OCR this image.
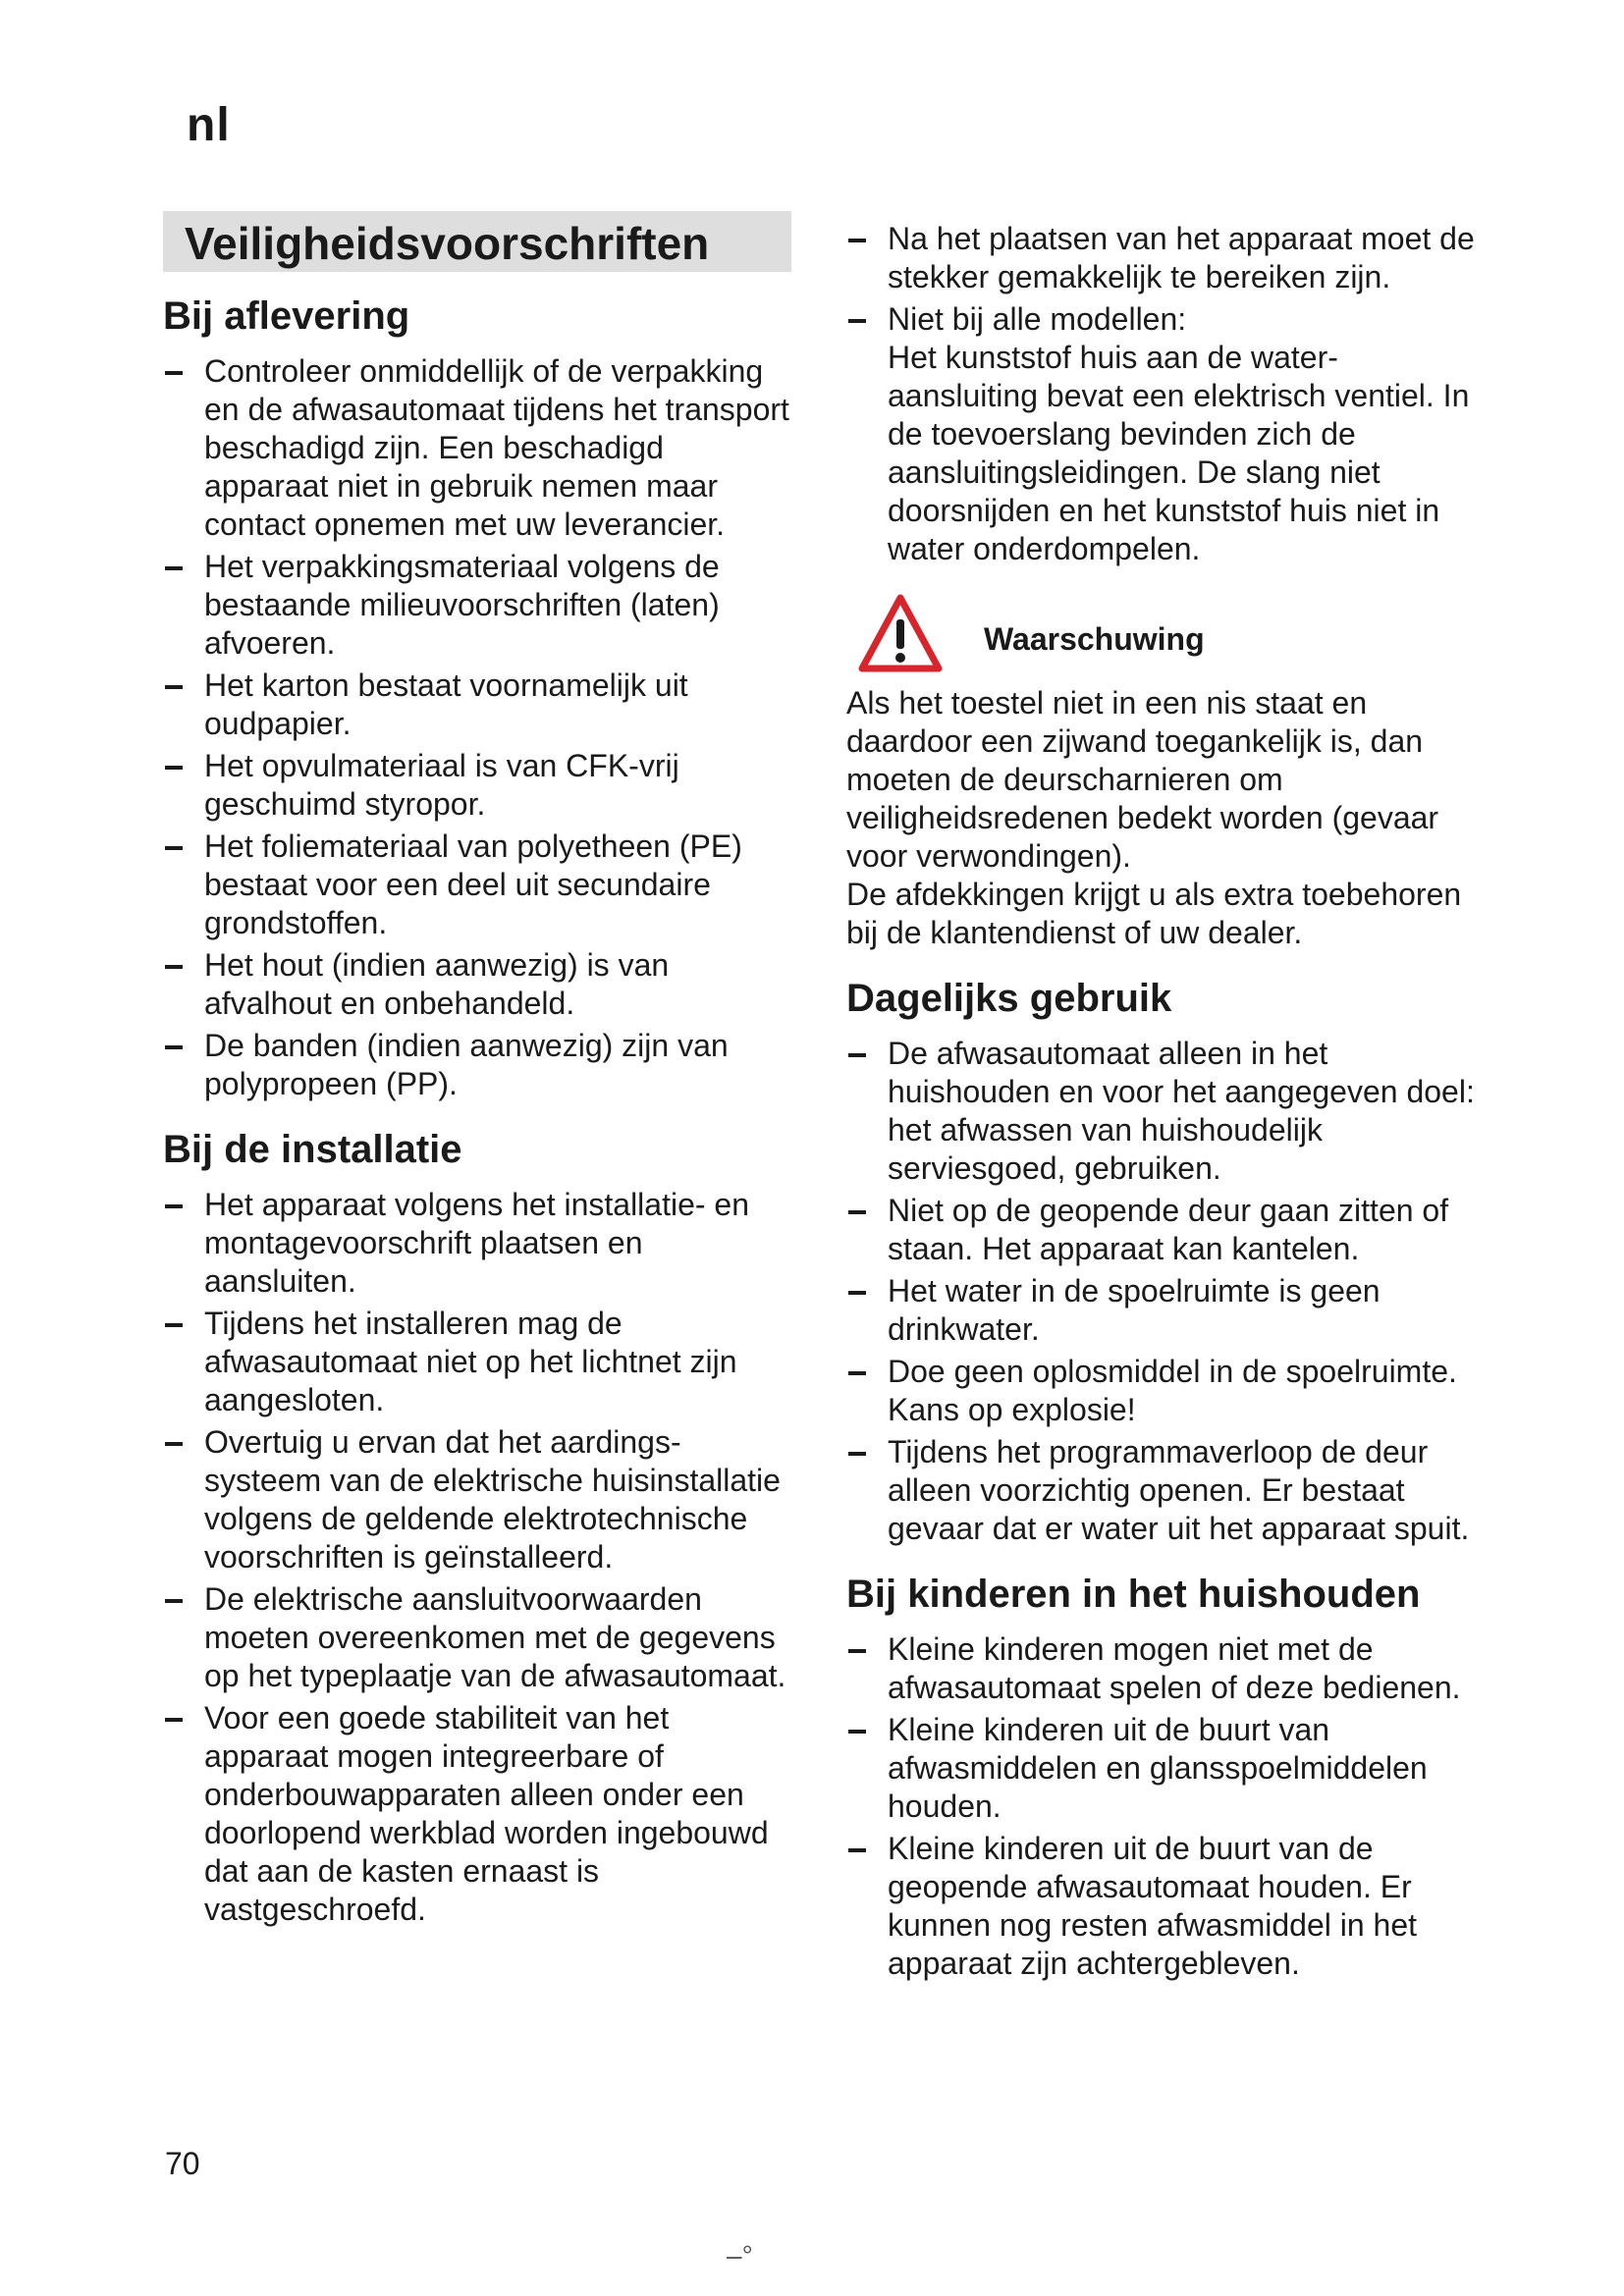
nl
Veiligheidsvoorschriften
Bij aflevering
Controleer onmiddellijk of de verpakking en de afwasautomaat tijdens het transport beschadigd zijn. Een beschadigd apparaat niet in gebruik nemen maar contact opnemen met uw leverancier.
Het verpakkingsmateriaal volgens de bestaande milieuvoorschriften (laten) afvoeren.
Het karton bestaat voornamelijk uit oudpapier.
Het opvulmateriaal is van CFK-vrij geschuimd styropor.
Het foliemateriaal van polyetheen (PE) bestaat voor een deel uit secundaire grondstoffen.
Het hout (indien aanwezig) is van afvalhout en onbehandeld.
De banden (indien aanwezig) zijn van polypropeen (PP).
Bij de installatie
Het apparaat volgens het installatie- en montagevoorschrift plaatsen en aansluiten.
Tijdens het installeren mag de afwasautomaat niet op het lichtnet zijn aangesloten.
Overtuig u ervan dat het aardings-systeem van de elektrische huisinstallatie volgens de geldende elektrotechnische voorschriften is geïnstalleerd.
De elektrische aansluitvoorwaarden moeten overeenkomen met de gegevens op het typeplaatje van de afwasautomaat.
Voor een goede stabiliteit van het apparaat mogen integreerbare of onderbouwapparaten alleen onder een doorlopend werkblad worden ingebouwd dat aan de kasten ernaast is vastgeschroefd.
Na het plaatsen van het apparaat moet de stekker gemakkelijk te bereiken zijn.
Niet bij alle modellen:
Het kunststof huis aan de water-aansluiting bevat een elektrisch ventiel. In de toevoerslang bevinden zich de aansluitingsleidingen. De slang niet doorsnijden en het kunststof huis niet in water onderdompelen.
Waarschuwing

Als het toestel niet in een nis staat en daardoor een zijwand toegankelijk is, dan moeten de deurscharnieren om veiligheidsredenen bedekt worden (gevaar voor verwondingen).

De afdekkingen krijgt u als extra toebehoren bij de klantendienst of uw dealer.

Dagelijks gebruik
De afwasautomaat alleen in het huishouden en voor het aangegeven doel: het afwassen van huishoudelijk serviesgoed, gebruiken.
Niet op de geopende deur gaan zitten of staan. Het apparaat kan kantelen.
Het water in de spoelruimte is geen drinkwater.
Doe geen oplosmiddel in de spoelruimte. Kans op explosie!
Tijdens het programmaverloop de deur alleen voorzichtig openen. Er bestaat gevaar dat er water uit het apparaat spuit.
Bij kinderen in het huishouden
Kleine kinderen mogen niet met de afwasautomaat spelen of deze bedienen.
Kleine kinderen uit de buurt van afwasmiddelen en glansspoelmiddelen houden.
Kleine kinderen uit de buurt van de geopende afwasautomaat houden. Er kunnen nog resten afwasmiddel in het apparaat zijn achtergebleven.
70
–°
